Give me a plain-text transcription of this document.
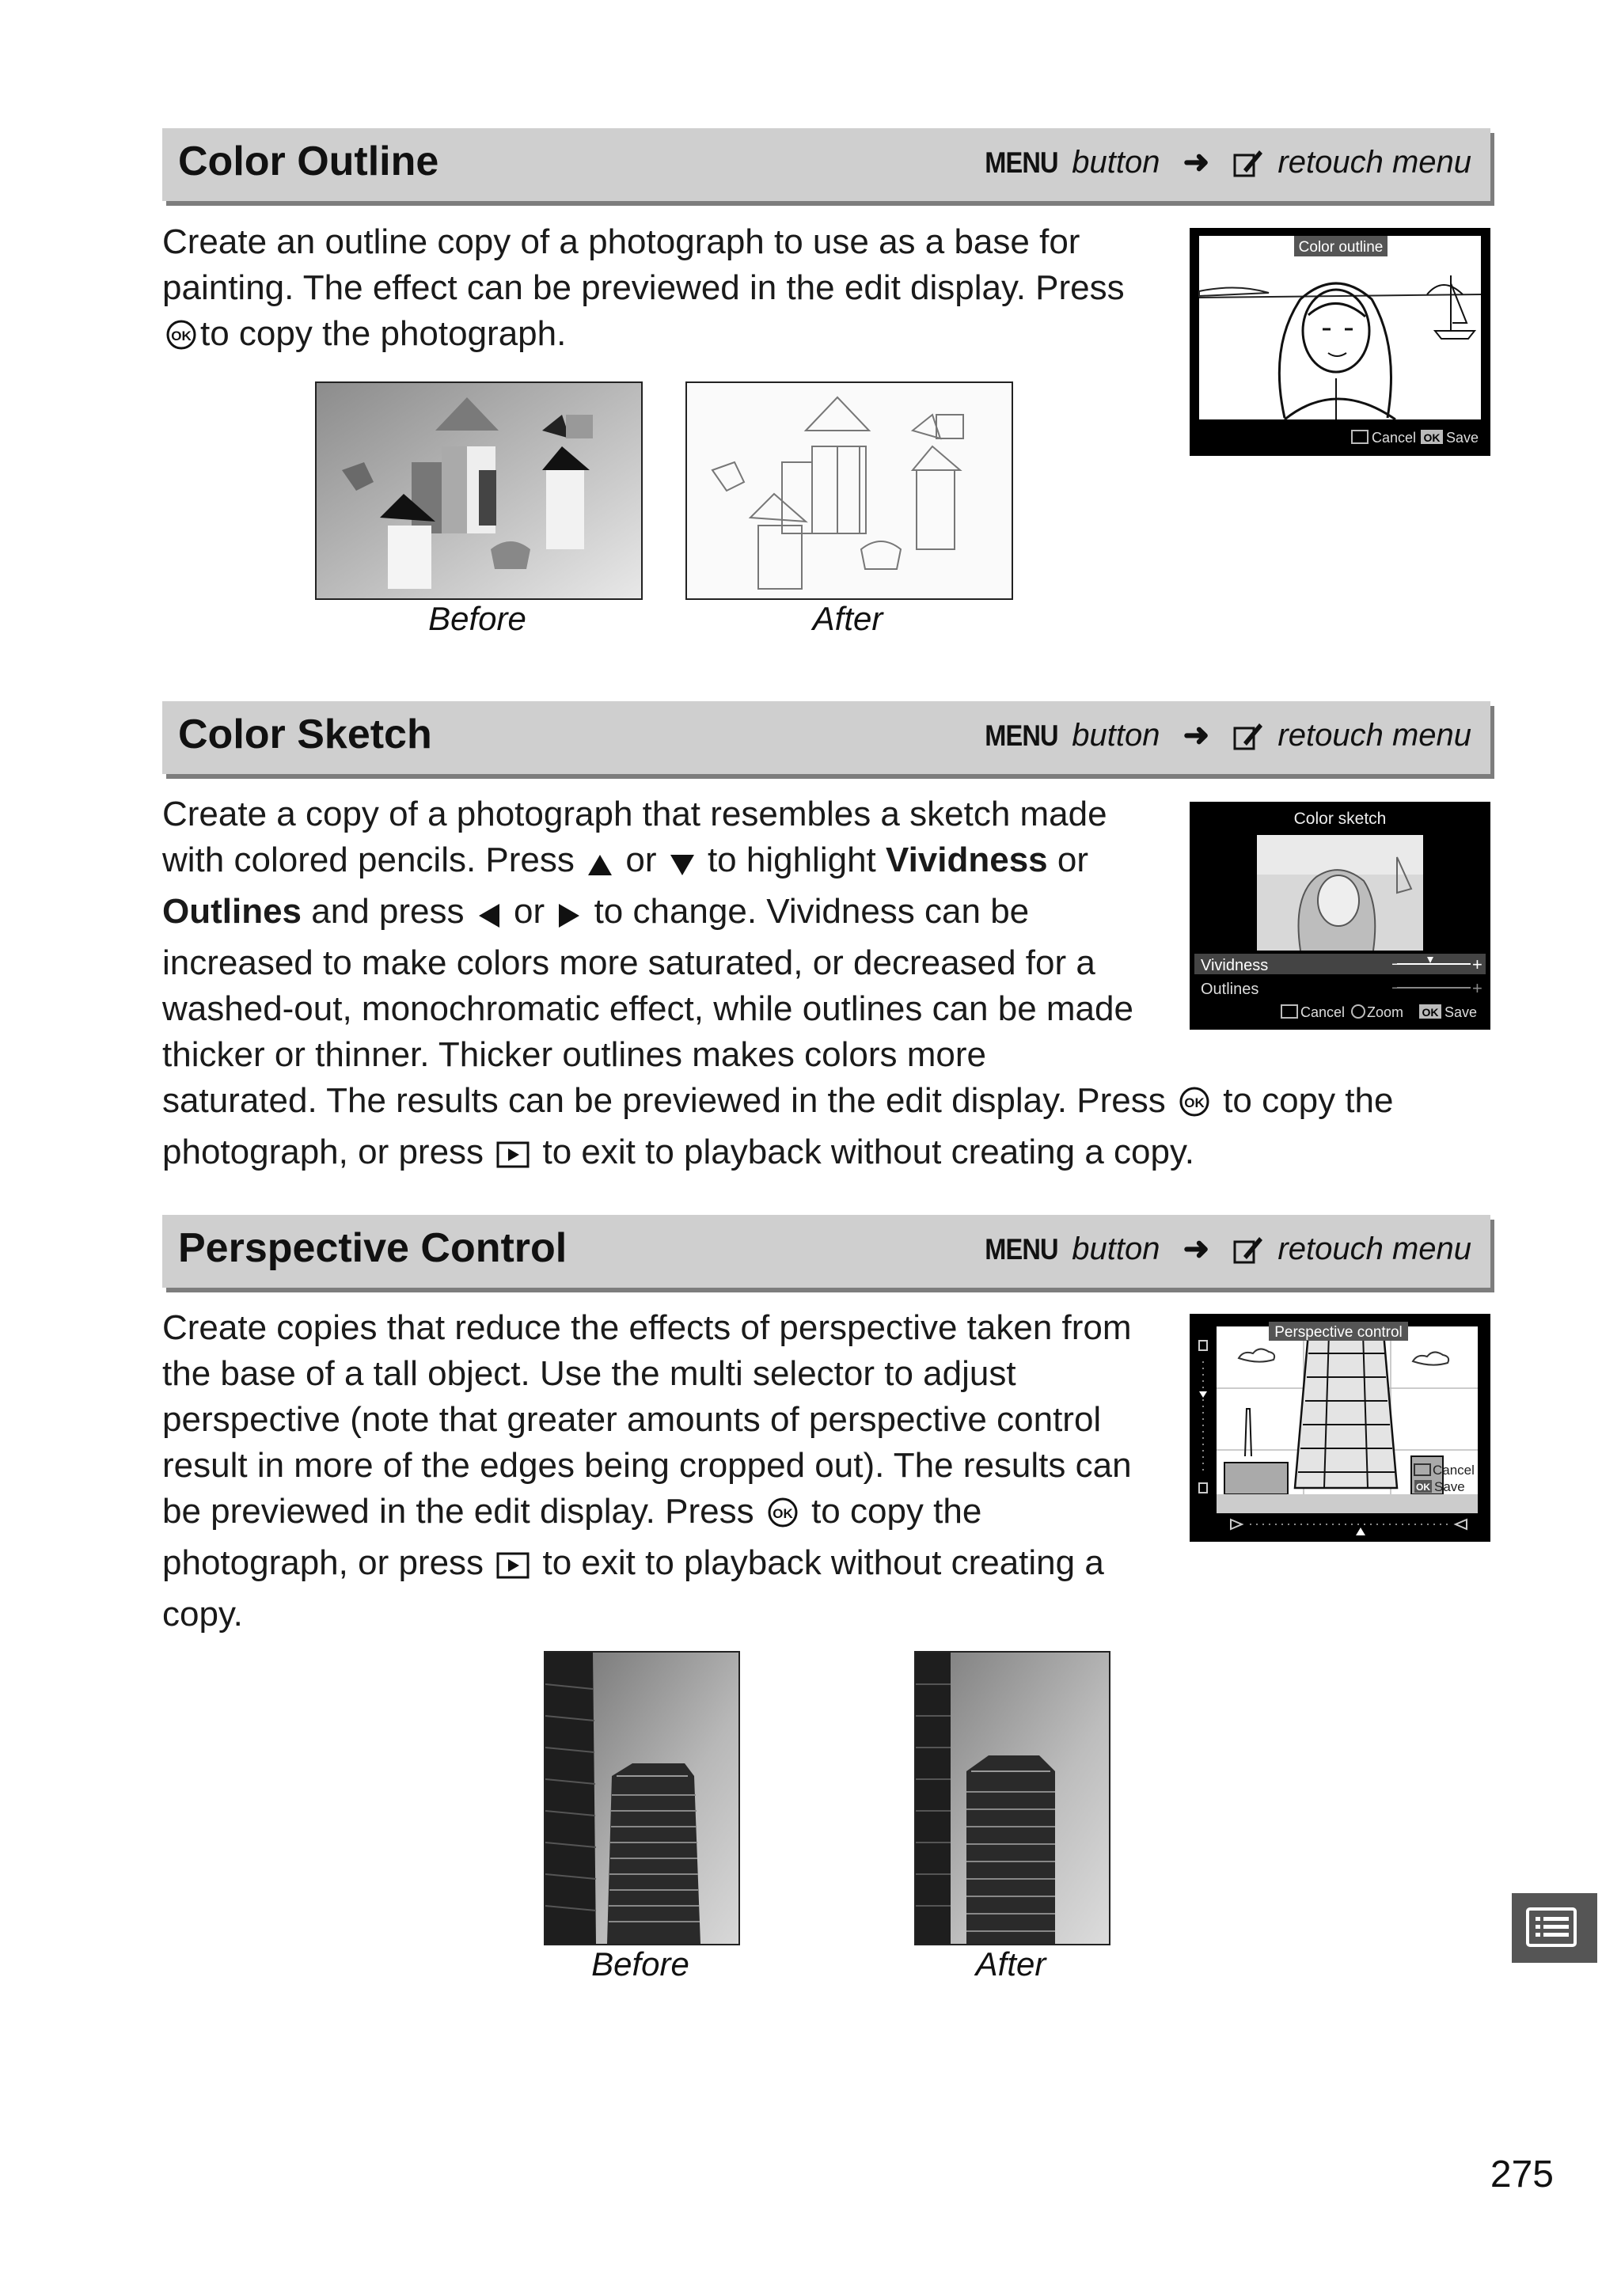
Color Outline	MENU button ➜ retouch menu
Create an outline copy of a photograph to use as a base for
painting. The effect can be previewed in the edit display. Press
OK to copy the photograph.
Color outline
Cancel OK Save
Before	After
Color Sketch	MENU button ➜ retouch menu
Create a copy of a photograph that resembles a sketch made
with colored pencils. Press or to highlight Vividness or
Outlines and press or to change. Vividness can be
increased to make colors more saturated, or decreased for a
washed-out, monochromatic effect, while outlines can be made
thicker or thinner. Thicker outlines makes colors more
saturated. The results can be previewed in the edit display. Press OK to copy the
photograph, or press to exit to playback without creating a copy.
Color sketch
Vividness
Outlines
−	+
−	+
Cancel Zoom OK Save
Perspective Control	MENU button ➜ retouch menu
Create copies that reduce the effects of perspective taken from
the base of a tall object. Use the multi selector to adjust
perspective (note that greater amounts of perspective control
result in more of the edges being cropped out). The results can
be previewed in the edit display. Press OK to copy the
photograph, or press to exit to playback without creating a
copy.
Perspective control
Cancel
OK Save
Before	After
275
